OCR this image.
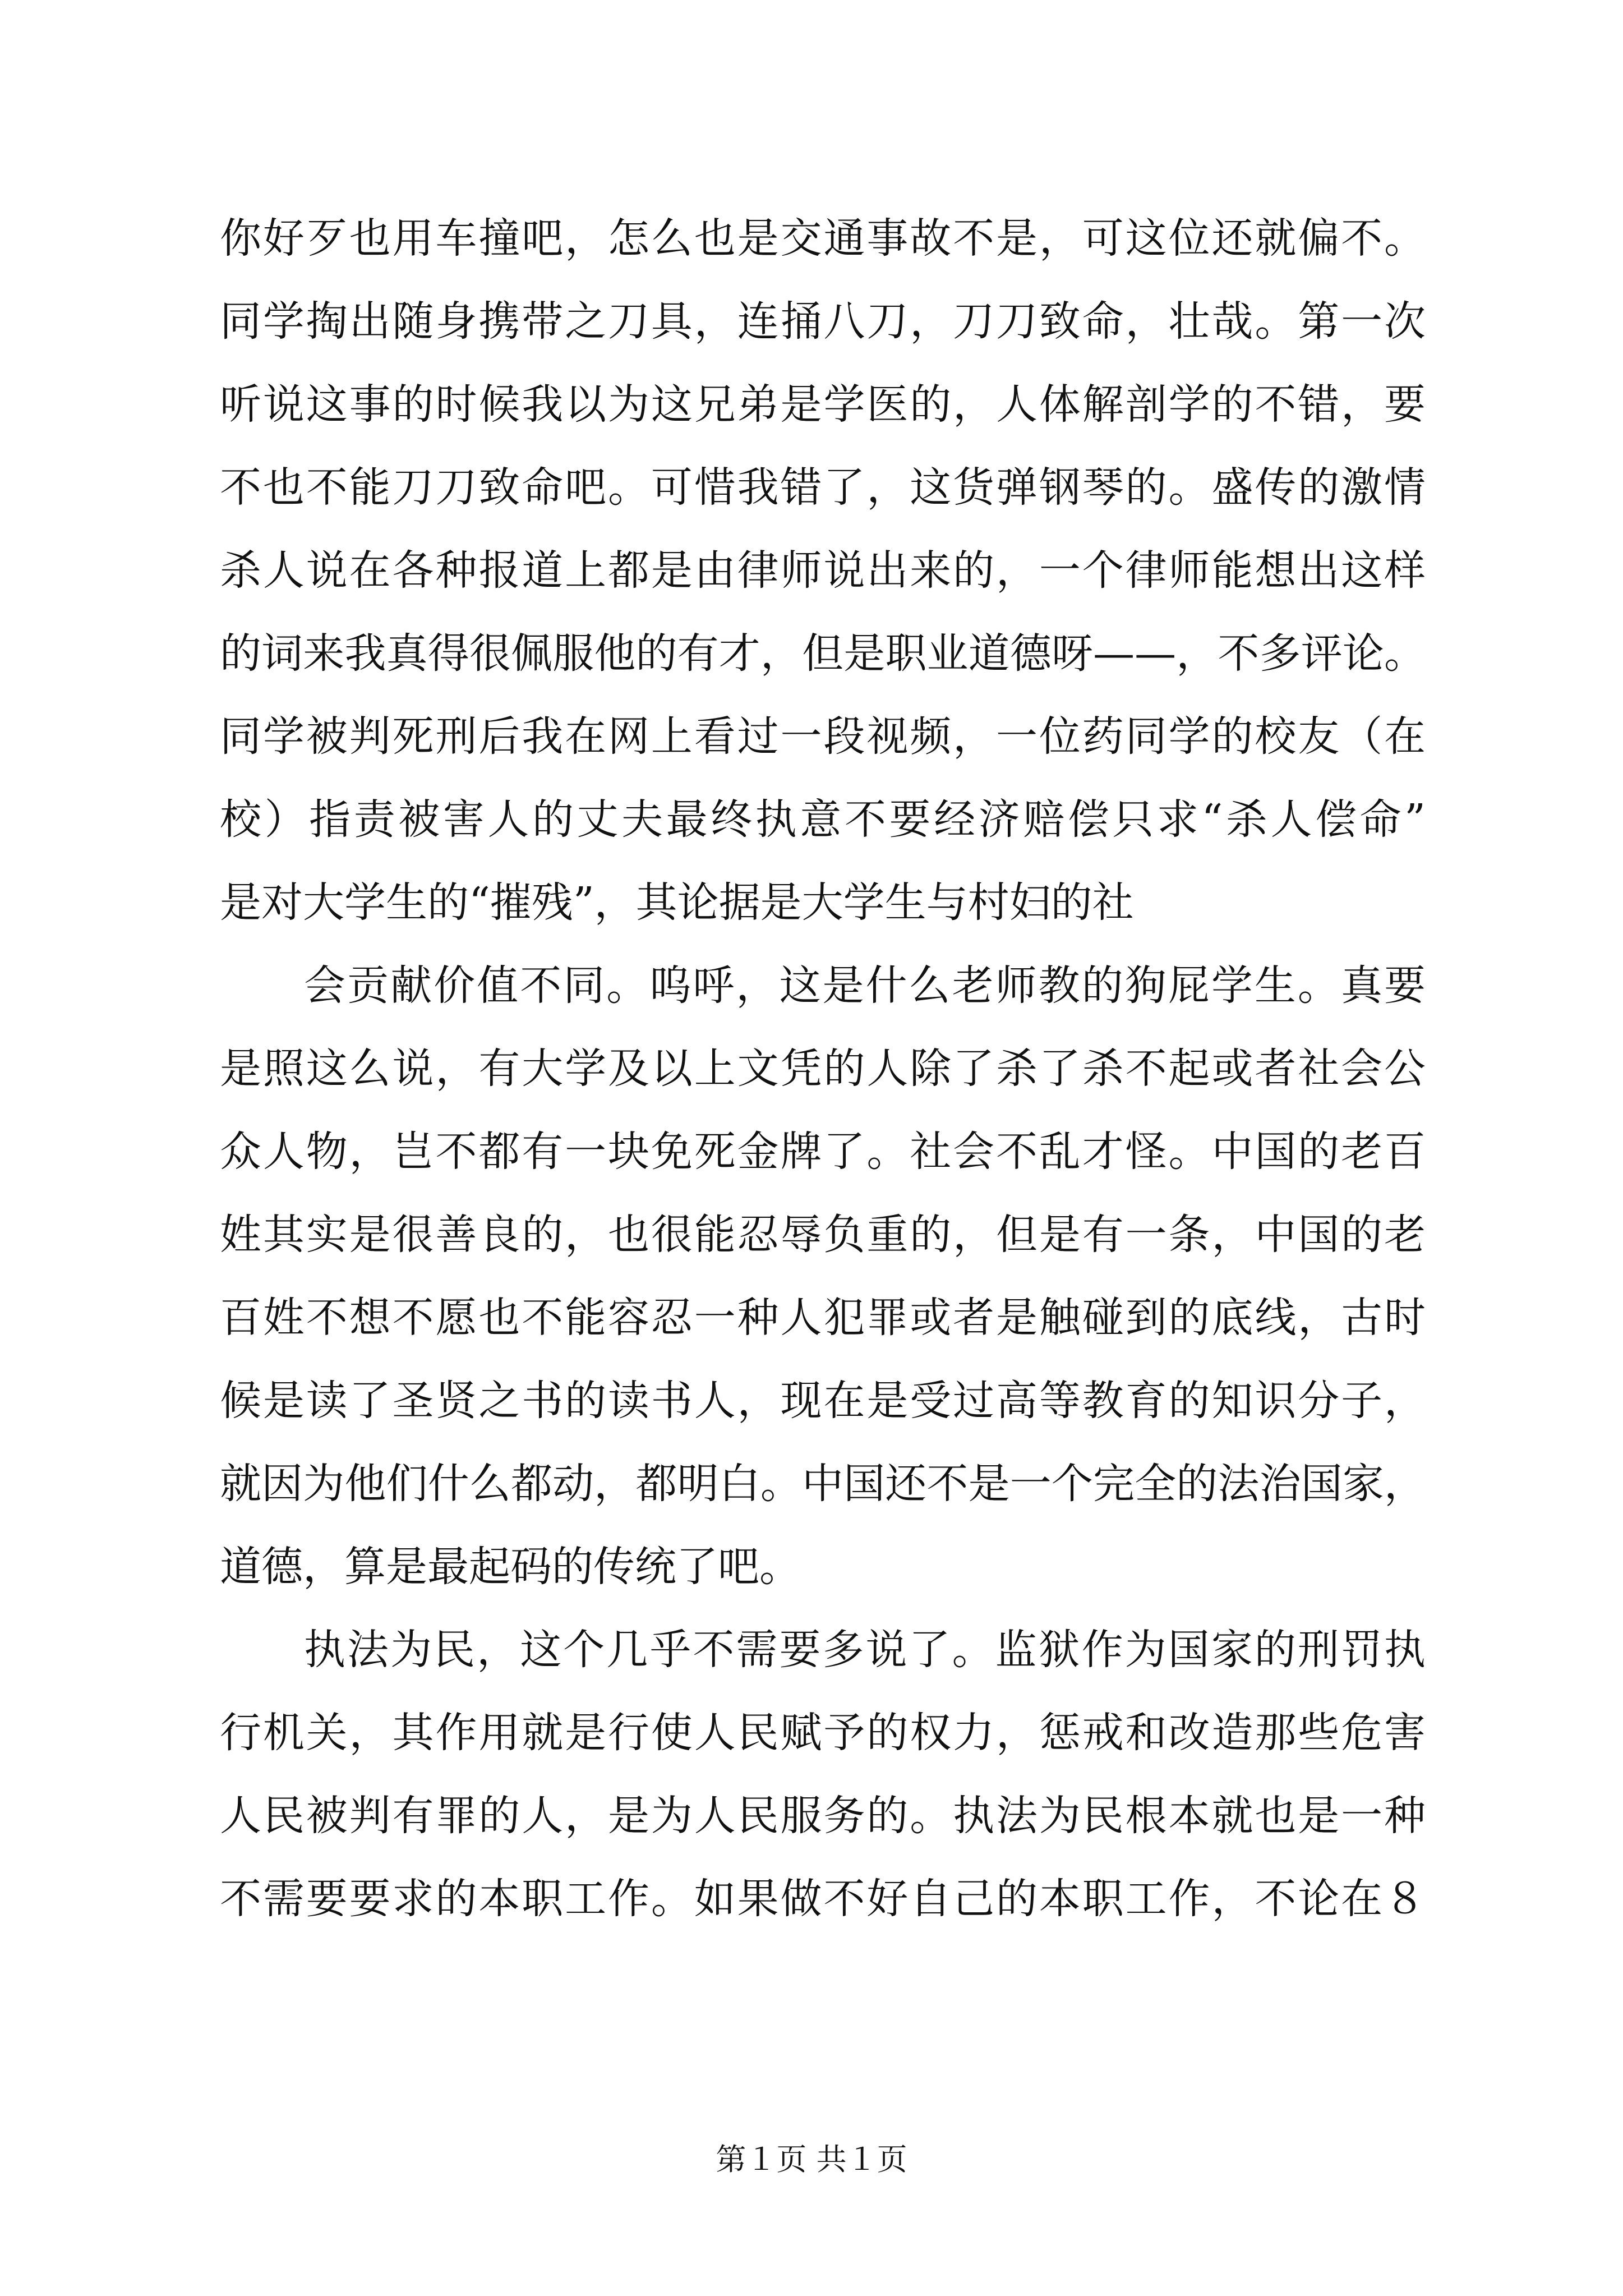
你好歹也用车撞吧，怎么也是交通事故不是，可这位还就偏不。
同学掏出随身携带之刀具，连捅八刀，刀刀致命，壮哉。第一次
听说这事的时候我以为这兄弟是学医的，人体解剖学的不错，要
不也不能刀刀致命吧。可惜我错了，这货弹钢琴的。盛传的激情
杀人说在各种报道上都是由律师说出来的，一个律师能想出这样
的词来我真得很佩服他的有才，但是职业道德呀——，不多评论。
同学被判死刑后我在网上看过一段视频，一位药同学的校友（在
校）指责被害人的丈夫最终执意不要经济赔偿只求“杀人偿命”
是对大学生的“摧残”，其论据是大学生与村妇的社
会贡献价值不同。呜呼，这是什么老师教的狗屁学生。真要
是照这么说，有大学及以上文凭的人除了杀了杀不起或者社会公
众人物，岂不都有一块免死金牌了。社会不乱才怪。中国的老百
姓其实是很善良的，也很能忍辱负重的，但是有一条，中国的老
百姓不想不愿也不能容忍一种人犯罪或者是触碰到的底线，古时
候是读了圣贤之书的读书人，现在是受过高等教育的知识分子，
就因为他们什么都动，都明白。中国还不是一个完全的法治国家，
道德，算是最起码的传统了吧。
执法为民，这个几乎不需要多说了。监狱作为国家的刑罚执
行机关，其作用就是行使人民赋予的权力，惩戒和改造那些危害
人民被判有罪的人，是为人民服务的。执法为民根本就也是一种
不需要要求的本职工作。如果做不好自己的本职工作，不论在８
第１页 共１页
